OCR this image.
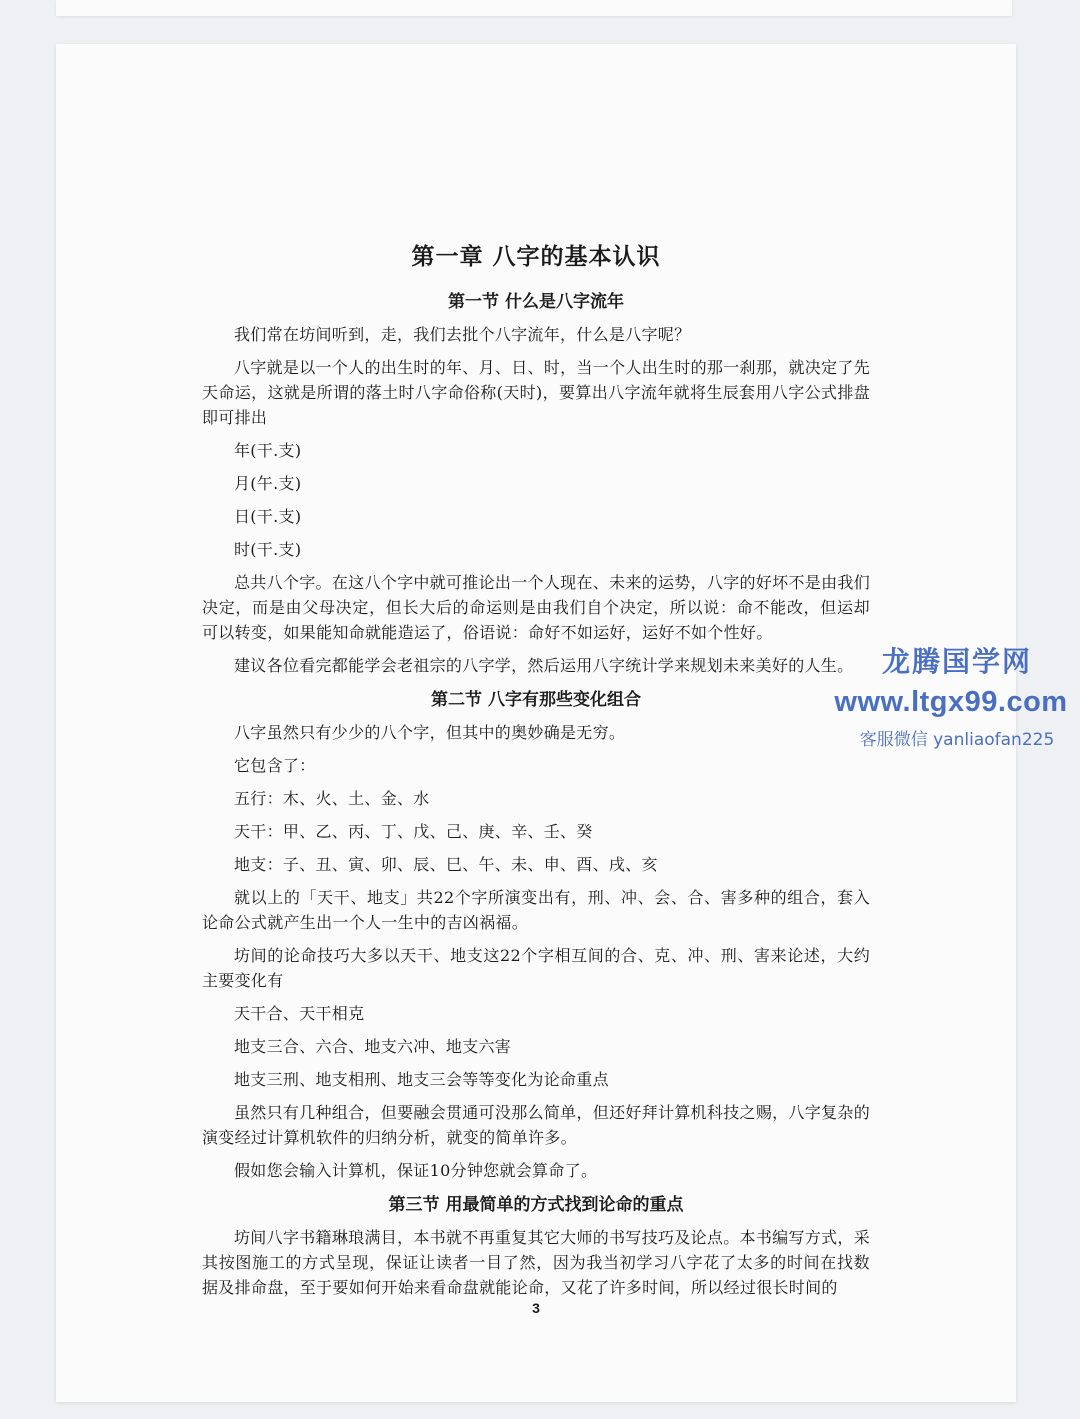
第一章 八字的基本认识
第一节 什么是八字流年
我们常在坊间听到，走，我们去批个八字流年，什么是八字呢？
八字就是以一个人的出生时的年、月、日、时，当一个人出生时的那一刹那，就决定了先天命运，这就是所谓的落土时八字命俗称(天时)，要算出八字流年就将生辰套用八字公式排盘即可排出
年(干.支)
月(午.支)
日(干.支)
时(干.支)
总共八个字。在这八个字中就可推论出一个人现在、未来的运势，八字的好坏不是由我们决定，而是由父母决定，但长大后的命运则是由我们自个决定，所以说：命不能改，但运却可以转变，如果能知命就能造运了，俗语说：命好不如运好，运好不如个性好。
建议各位看完都能学会老祖宗的八字学，然后运用八字统计学来规划未来美好的人生。
第二节 八字有那些变化组合
八字虽然只有少少的八个字，但其中的奥妙确是无穷。
它包含了：
五行：木、火、土、金、水
天干：甲、乙、丙、丁、戊、己、庚、辛、壬、癸
地支：子、丑、寅、卯、辰、巳、午、未、申、酉、戌、亥
就以上的「天干、地支」共22个字所演变出有，刑、冲、会、合、害多种的组合，套入论命公式就产生出一个人一生中的吉凶祸福。
坊间的论命技巧大多以天干、地支这22个字相互间的合、克、冲、刑、害来论述，大约主要变化有
天干合、天干相克
地支三合、六合、地支六冲、地支六害
地支三刑、地支相刑、地支三会等等变化为论命重点
虽然只有几种组合，但要融会贯通可没那么简单，但还好拜计算机科技之赐，八字复杂的演变经过计算机软件的归纳分析，就变的简单许多。
假如您会输入计算机，保证10分钟您就会算命了。
第三节 用最简单的方式找到论命的重点
坊间八字书籍琳琅满目，本书就不再重复其它大师的书写技巧及论点。本书编写方式，采其按图施工的方式呈现，保证让读者一目了然，因为我当初学习八字花了太多的时间在找数据及排命盘，至于要如何开始来看命盘就能论命，又花了许多时间，所以经过很长时间的
3
龙腾国学网
www.ltgx99.com
客服微信 yanliaofan225
